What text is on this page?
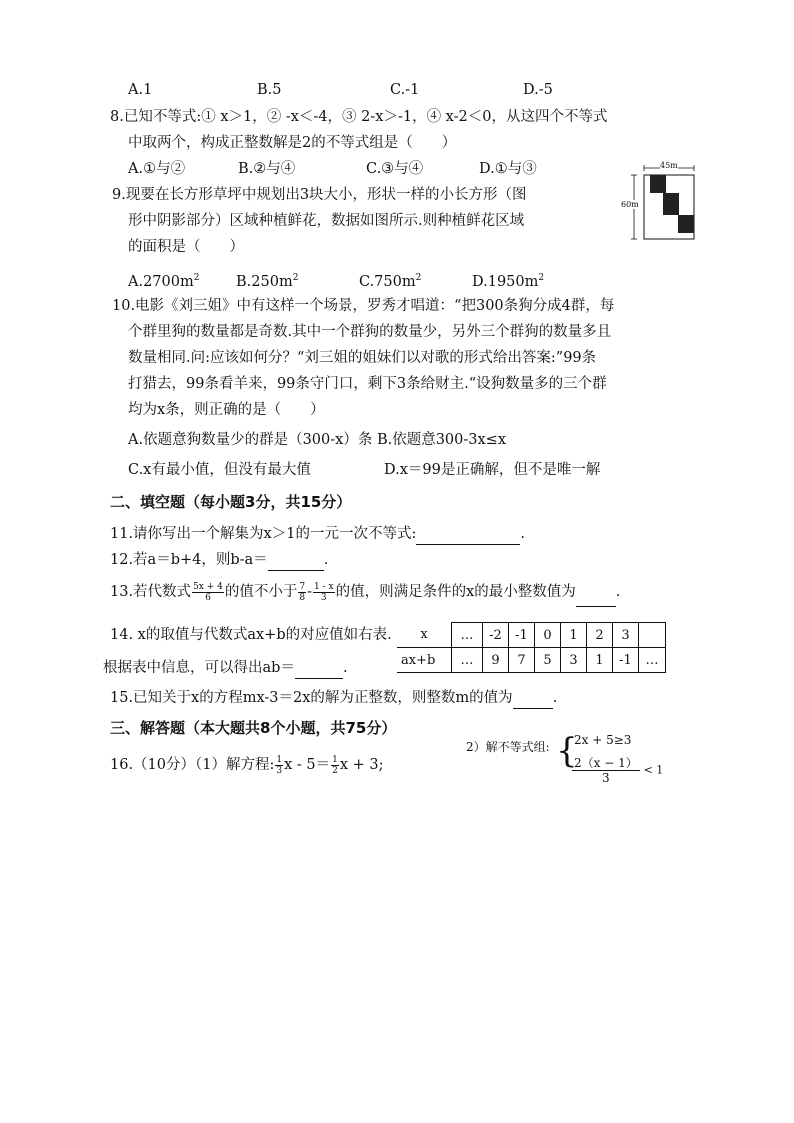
A.1	B.5	C.-1	D.-5
8.已知不等式:① x＞1，② -x＜-4，③ 2-x＞-1，④ x-2＜0，从这四个不等式
中取两个，构成正整数解是2的不等式组是（　　）
A.①与②	B.②与④	C.③与④	D.①与③
9.现要在长方形草坪中规划出3块大小，形状一样的小长方形（图
形中阴影部分）区域种植鲜花，数据如图所示.则种植鲜花区域
的面积是（　　）
45m
60m
$A.2700m^2$	$B.250m^2$	$C.750m^2$	$D.1950m^2$
10.电影《刘三姐》中有这样一个场景，罗秀才唱道：“把300条狗分成4群，每
个群里狗的数量都是奇数.其中一个群狗的数量少，另外三个群狗的数量多且
数量相同.问:应该如何分？“刘三姐的姐妹们以对歌的形式给出答案:”99条
打猎去，99条看羊来，99条守门口，剩下3条给财主.“设狗数量多的三个群
均为x条，则正确的是（　　）
A.依题意狗数量少的群是（300-x）条 B.依题意300-3x≤x
C.x有最小值，但没有最大值	D.x＝99是正确解，但不是唯一解
二、填空题（每小题3分，共15分）
11.请你写出一个解集为x＞1的一元一次不等式:	.
12.若a＝b+4，则b-a＝	.
13.若代数式 $\frac{5x + 4}{6}$ 的值不小于 $\frac{7}{8} - \frac{1 - x}{3}$ 的值，则满足条件的x的最小整数值为	.
14. x的取值与代数式ax+b的对应值如右表.
根据表中信息，可以得出ab＝	.
x	…	-2	-1	0	1	2	3	
ax+b	…	9	7	5	3	1	-1	…
15.已知关于x的方程mx-3＝2x的解为正整数，则整数m的值为	.
三、解答题（本大题共8个小题，共75分）
16.（10分）（1）解方程: $\frac{1}{3}$ $x - 5= \frac{1}{2}$ x + 3;
2）解不等式组: {
2x + 5≥3
$\frac{2(x - 1)}{3} < 1$
